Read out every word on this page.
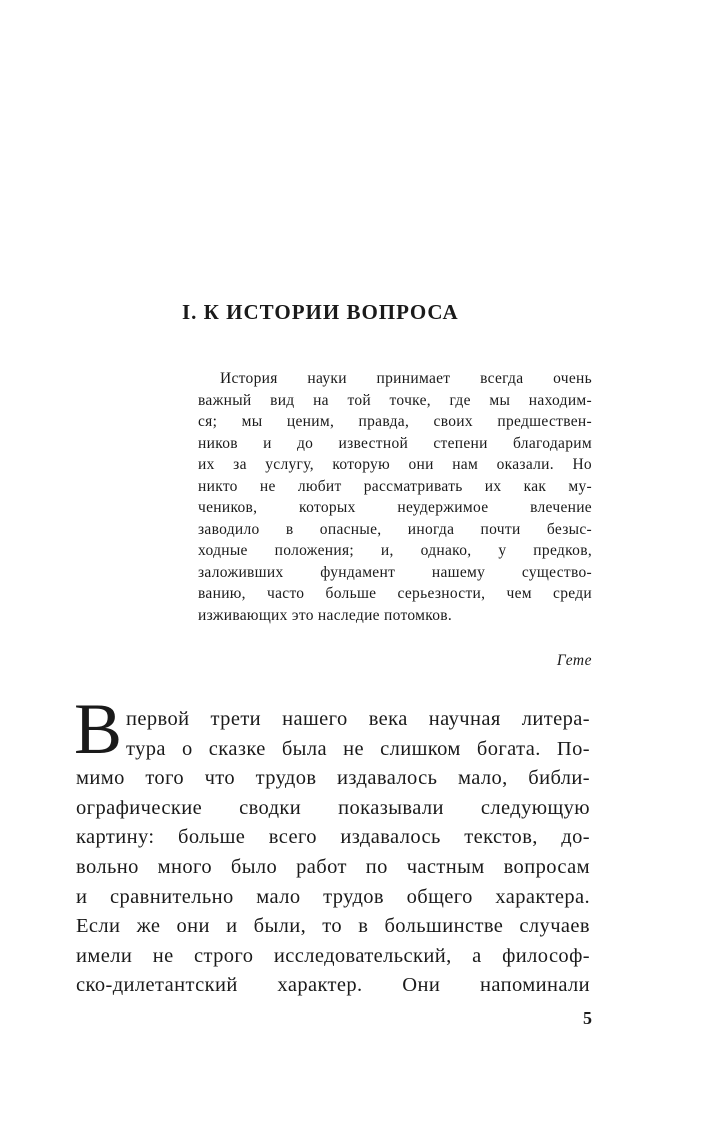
I. К ИСТОРИИ ВОПРОСА
История науки принимает всегда очень
важный вид на той точке, где мы находим-
ся; мы ценим, правда, своих предшествен-
ников и до известной степени благодарим
их за услугу, которую они нам оказали. Но
никто не любит рассматривать их как му-
чеников, которых неудержимое влечение
заводило в опасные, иногда почти безыс-
ходные положения; и, однако, у предков,
заложивших фундамент нашему существо-
ванию, часто больше серьезности, чем среди
изживающих это наследие потомков.
Гете
В первой трети нашего века научная литера-
тура о сказке была не слишком богата. По-
мимо того что трудов издавалось мало, библи-
ографические сводки показывали следующую
картину: больше всего издавалось текстов, до-
вольно много было работ по частным вопросам
и сравнительно мало трудов общего характера.
Если же они и были, то в большинстве случаев
имели не строго исследовательский, а философ-
ско-дилетантский характер. Они напоминали
5
